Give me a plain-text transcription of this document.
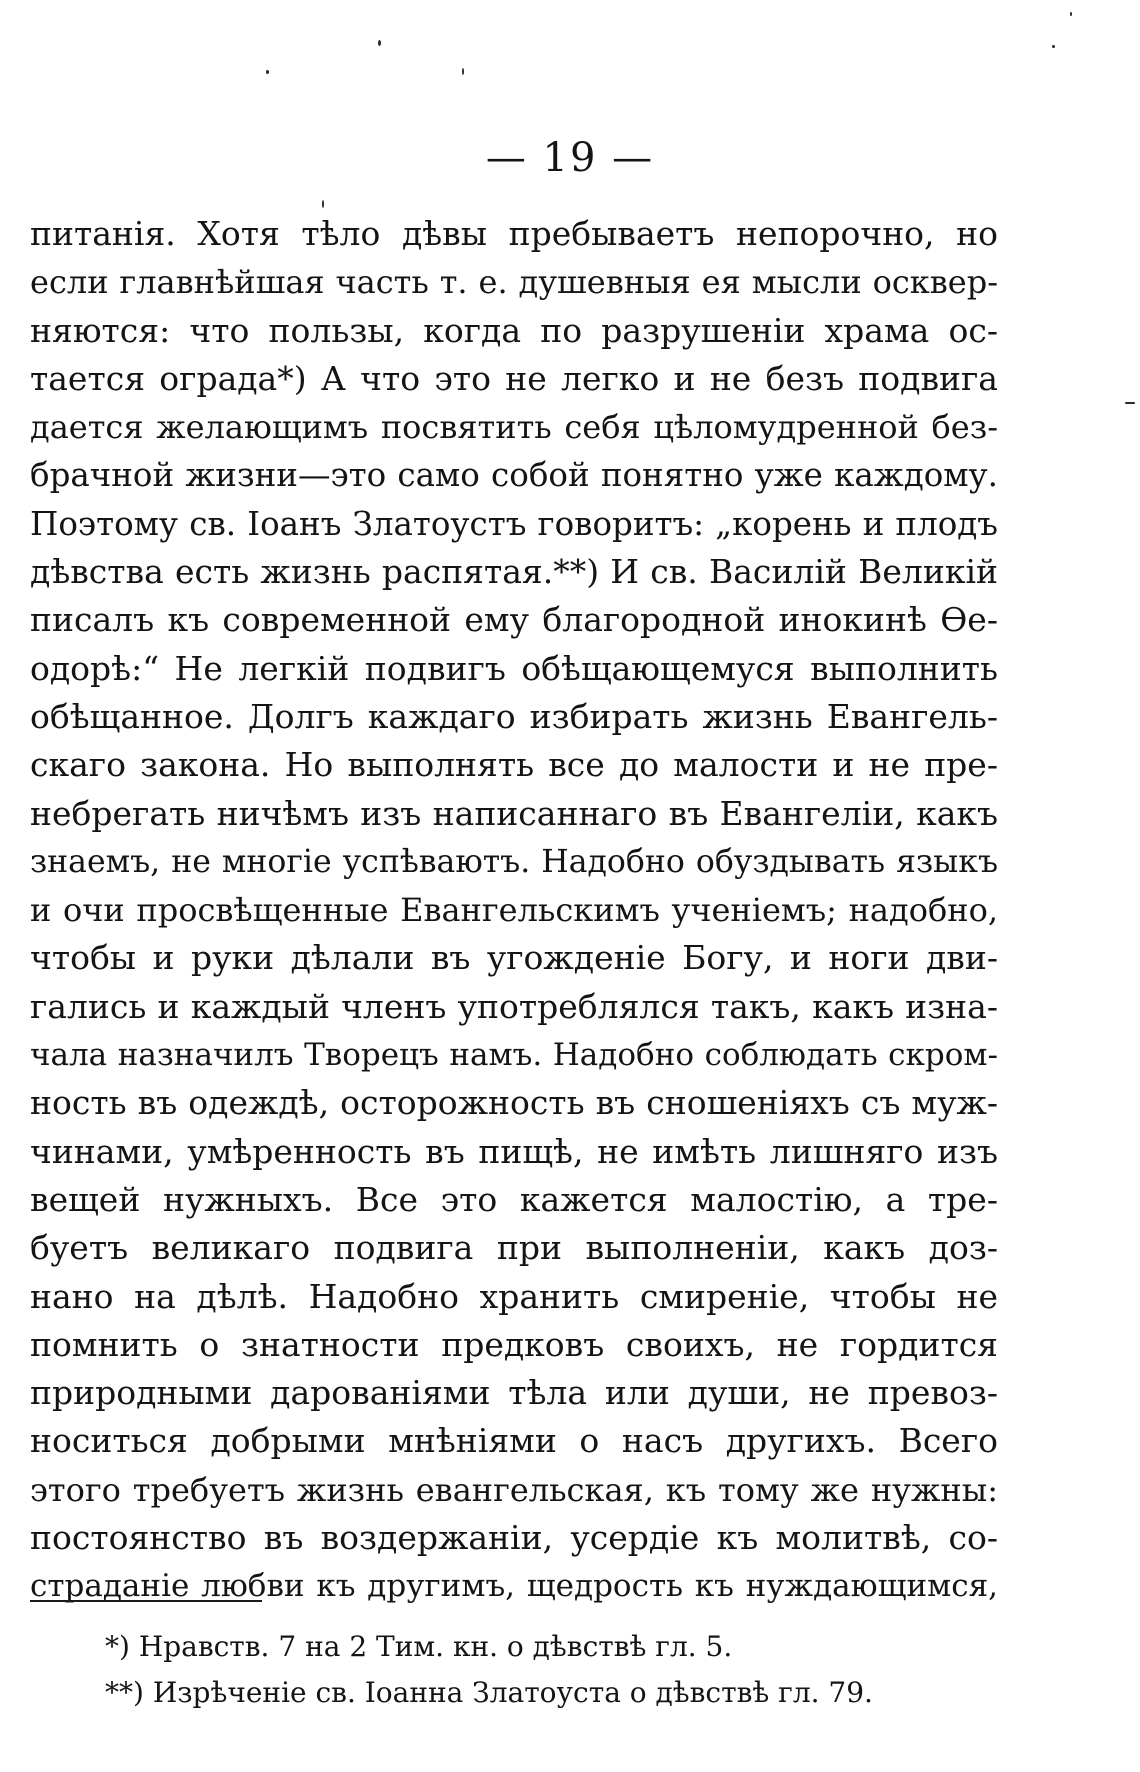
— 19 —
питанія. Хотя тѣло дѣвы пребываетъ непорочно, но
если главнѣйшая часть т. е. душевныя ея мысли осквер-
няются: что пользы, когда по разрушеніи храма ос-
тается ограда*) А что это не легко и не безъ подвига
дается желающимъ посвятить себя цѣломудренной без-
брачной жизни—это само собой понятно уже каждому.
Поэтому св. Іоанъ Златоустъ говоритъ: „корень и плодъ
дѣвства есть жизнь распятая.**) И св. Василій Великій
писалъ къ современной ему благородной инокинѣ Ѳе-
одорѣ:“ Не легкій подвигъ обѣщающемуся выполнить
обѣщанное. Долгъ каждаго избирать жизнь Евангель-
скаго закона. Но выполнять все до малости и не пре-
небрегать ничѣмъ изъ написаннаго въ Евангеліи, какъ
знаемъ, не многіе успѣваютъ. Надобно обуздывать языкъ
и очи просвѣщенные Евангельскимъ ученіемъ; надобно,
чтобы и руки дѣлали въ угожденіе Богу, и ноги дви-
гались и каждый членъ употреблялся такъ, какъ изна-
чала назначилъ Творецъ намъ. Надобно соблюдать скром-
ность въ одеждѣ, осторожность въ сношеніяхъ съ муж-
чинами, умѣренность въ пищѣ, не имѣть лишняго изъ
вещей нужныхъ. Все это кажется малостію, а тре-
буетъ великаго подвига при выполненіи, какъ доз-
нано на дѣлѣ. Надобно хранить смиреніе, чтобы не
помнить о знатности предковъ своихъ, не гордится
природными дарованіями тѣла или души, не превоз-
носиться добрыми мнѣніями о насъ другихъ. Всего
этого требуетъ жизнь евангельская, къ тому же нужны:
постоянство въ воздержаніи, усердіе къ молитвѣ, со-
страданіе любви къ другимъ, щедрость къ нуждающимся,
*) Нравств. 7 на 2 Тим. кн. о дѣвствѣ гл. 5.
**) Изрѣченіе св. Іоанна Златоуста о дѣвствѣ гл. 79.
